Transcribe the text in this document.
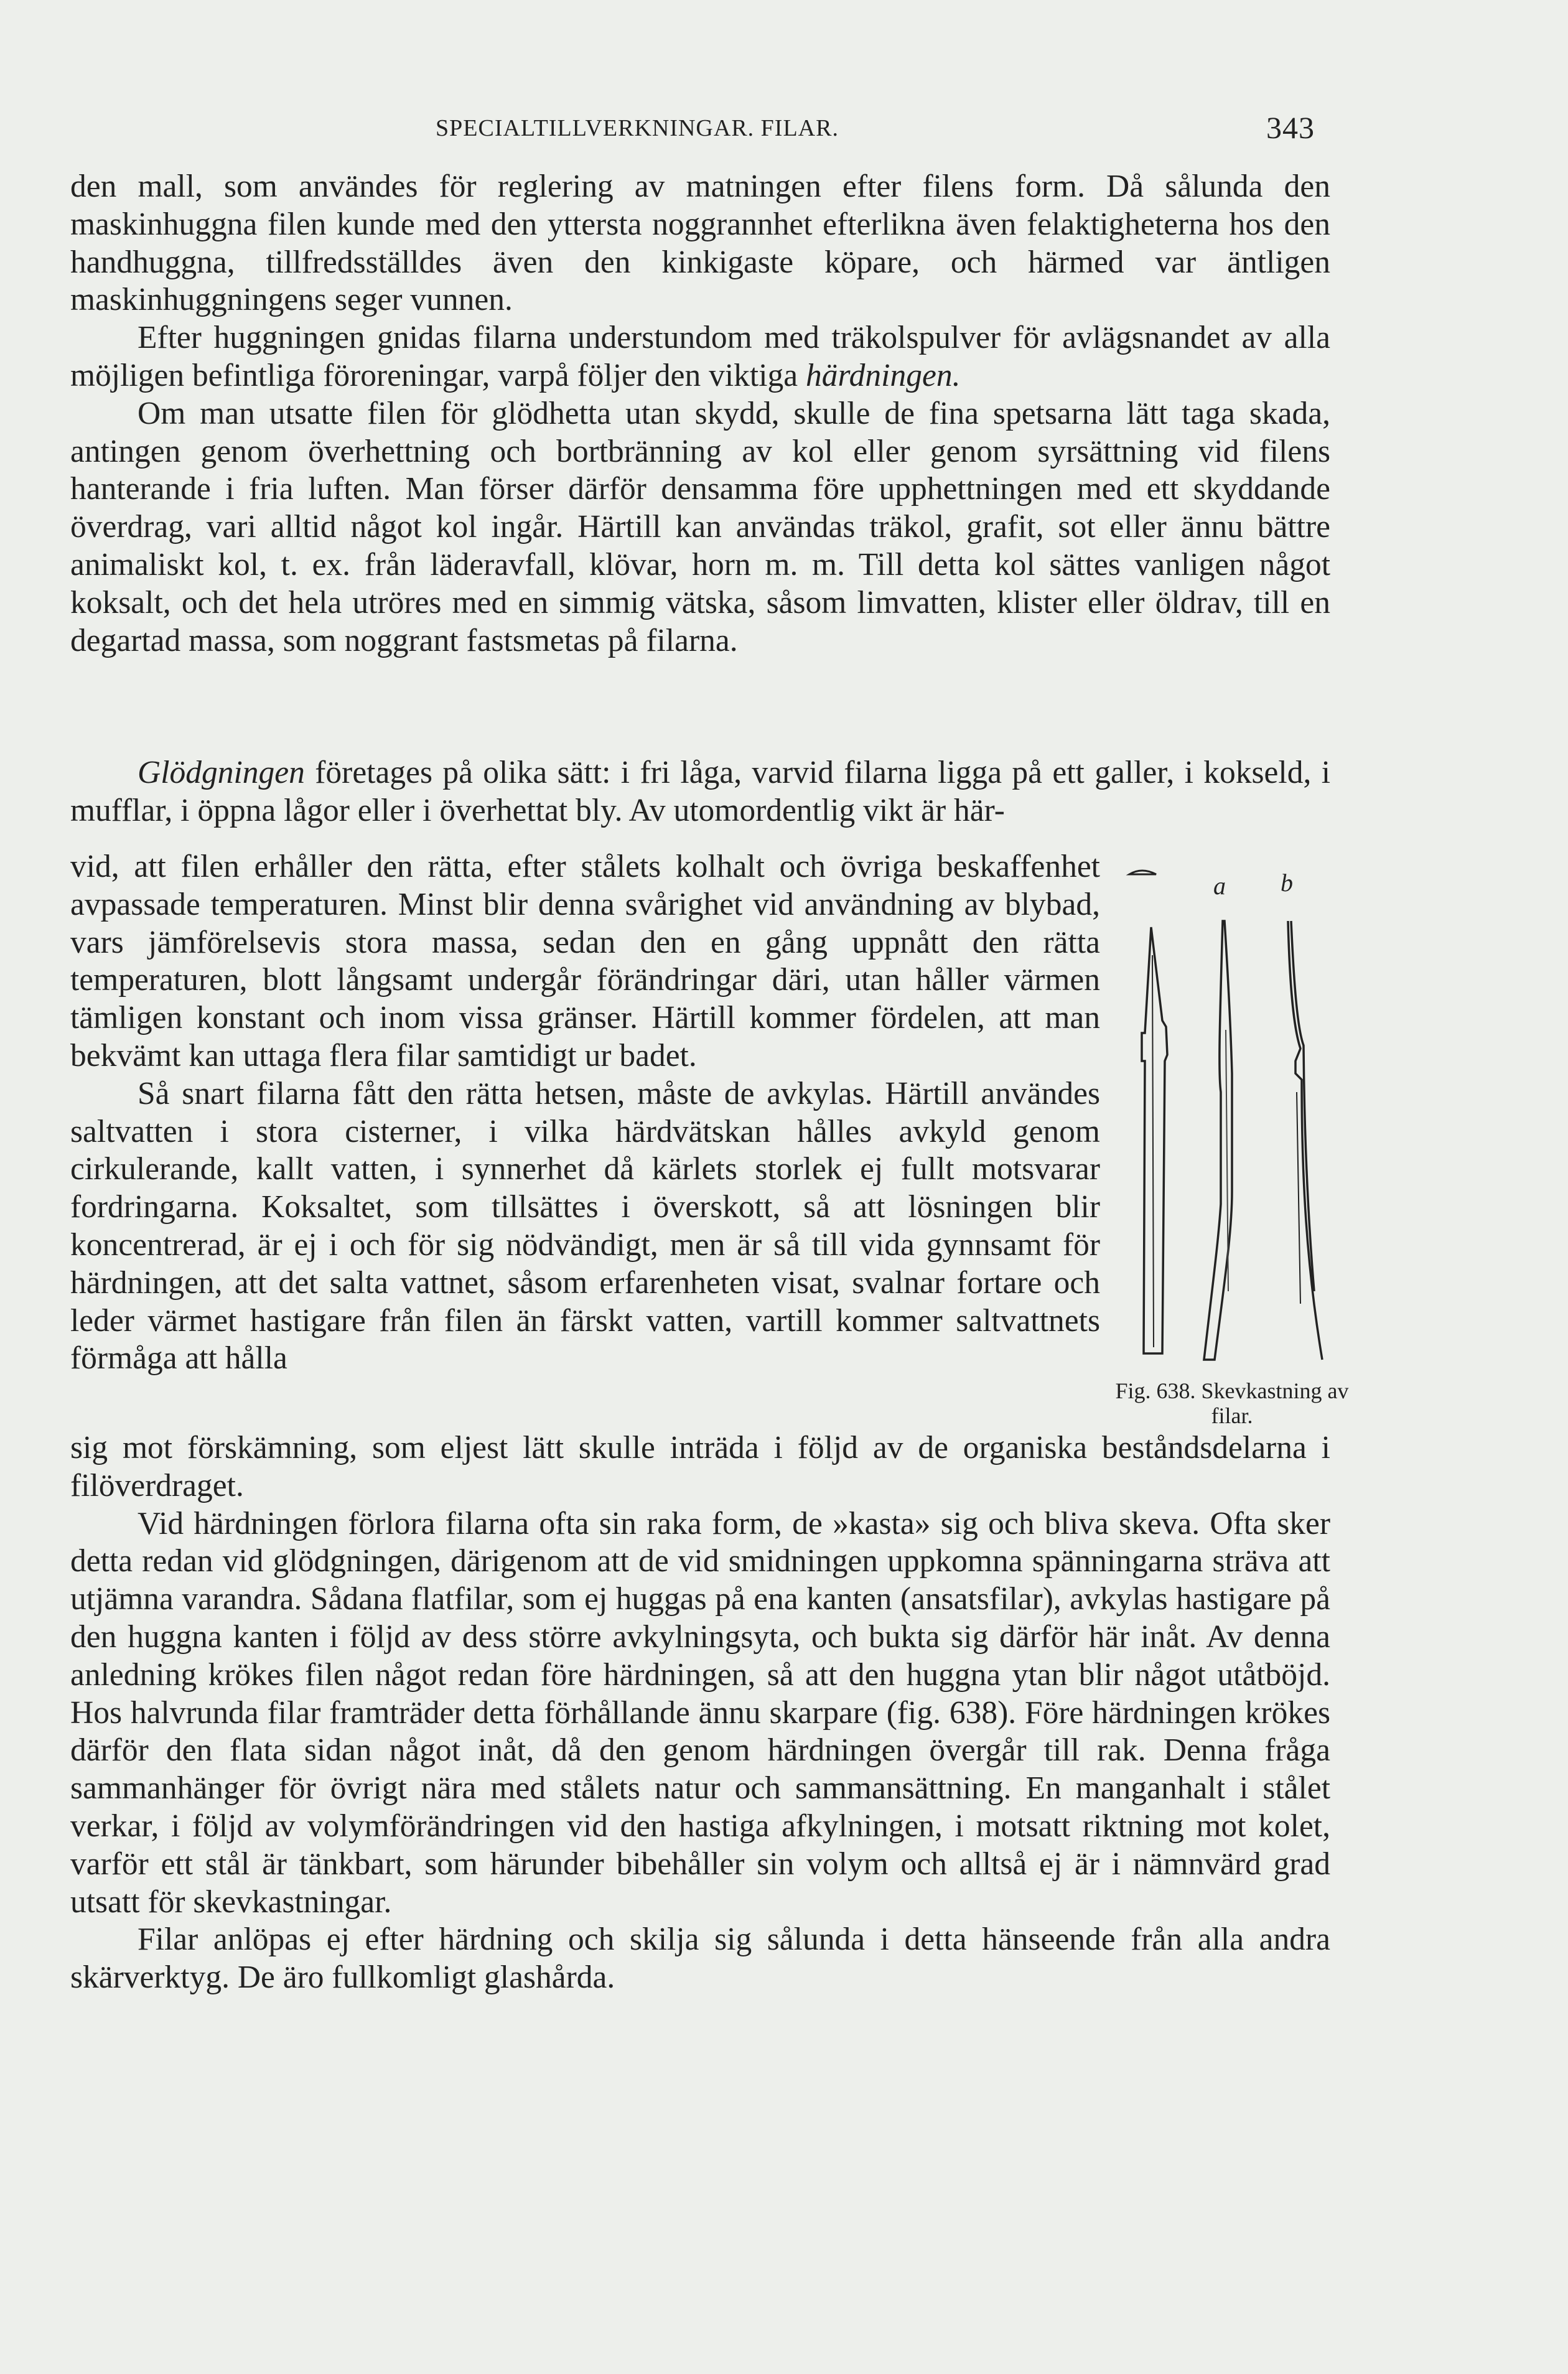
SPECIALTILLVERKNINGAR. FILAR.	343

den mall, som användes för reglering av matningen efter filens form. Då sålunda den maskinhuggna filen kunde med den yttersta noggrannhet efterlikna även felaktigheterna hos den handhuggna, tillfredsställdes även den kinkigaste köpare, och härmed var äntligen maskinhuggningens seger vunnen.

Efter huggningen gnidas filarna understundom med träkolspulver för avlägsnandet av alla möjligen befintliga föroreningar, varpå följer den viktiga härdningen.

Om man utsatte filen för glödhetta utan skydd, skulle de fina spetsarna lätt taga skada, antingen genom överhettning och bortbränning av kol eller genom syrsättning vid filens hanterande i fria luften. Man förser därför densamma före upphettningen med ett skyddande överdrag, vari alltid något kol ingår. Härtill kan användas träkol, grafit, sot eller ännu bättre animaliskt kol, t. ex. från läderavfall, klövar, horn m. m. Till detta kol sättes vanligen något koksalt, och det hela utröres med en simmig vätska, såsom limvatten, klister eller öldrav, till en degartad massa, som noggrant fastsmetas på filarna.

Glödgningen företages på olika sätt: i fri låga, varvid filarna ligga på ett galler, i kokseld, i mufflar, i öppna lågor eller i överhettat bly. Av utomordentlig vikt är här-

vid, att filen erhåller den rätta, efter stålets kolhalt och övriga beskaffenhet avpassade temperaturen. Minst blir denna svårighet vid användning av blybad, vars jämförelsevis stora massa, sedan den en gång uppnått den rätta temperaturen, blott långsamt undergår förändringar däri, utan håller värmen tämligen konstant och inom vissa gränser. Härtill kommer fördelen, att man bekvämt kan uttaga flera filar samtidigt ur badet.

Så snart filarna fått den rätta hetsen, måste de avkylas. Härtill användes saltvatten i stora cisterner, i vilka härdvätskan hålles avkyld genom cirkulerande, kallt vatten, i synnerhet då kärlets storlek ej fullt motsvarar fordringarna. Koksaltet, som tillsättes i överskott, så att lösningen blir koncentrerad, är ej i och för sig nödvändigt, men är så till vida gynnsamt för härdningen, att det salta vattnet, såsom erfarenheten visat, svalnar fortare och leder värmet hastigare från filen än färskt vatten, vartill kommer saltvattnets förmåga att hålla

sig mot förskämning, som eljest lätt skulle inträda i följd av de organiska beståndsdelarna i filöverdraget.

Vid härdningen förlora filarna ofta sin raka form, de »kasta» sig och bliva skeva. Ofta sker detta redan vid glödgningen, därigenom att de vid smidningen uppkomna spänningarna sträva att utjämna varandra. Sådana flatfilar, som ej huggas på ena kanten (ansatsfilar), avkylas hastigare på den huggna kanten i följd av dess större avkylningsyta, och bukta sig därför här inåt. Av denna anledning krökes filen något redan före härdningen, så att den huggna ytan blir något utåtböjd. Hos halvrunda filar framträder detta förhållande ännu skarpare (fig. 638). Före härdningen krökes därför den flata sidan något inåt, då den genom härdningen övergår till rak. Denna fråga sammanhänger för övrigt nära med stålets natur och sammansättning. En manganhalt i stålet verkar, i följd av volymförändringen vid den hastiga afkylningen, i motsatt riktning mot kolet, varför ett stål är tänkbart, som härunder bibehåller sin volym och alltså ej är i nämnvärd grad utsatt för skevkastningar.

Filar anlöpas ej efter härdning och skilja sig sålunda i detta hänseende från alla andra skärverktyg. De äro fullkomligt glashårda.

a b
Fig. 638. Skevkastning av filar.
